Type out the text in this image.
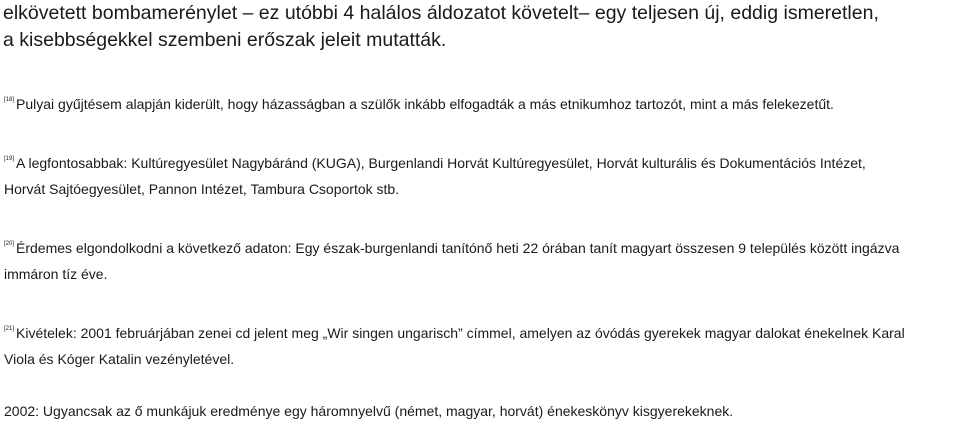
elkövetett bombamerénylet – ez utóbbi 4 halálos áldozatot követelt– egy teljesen új, eddig ismeretlen,
a kisebbségekkel szembeni erőszak jeleit mutatták.

[18] Pulyai gyűjtésem alapján kiderült, hogy házasságban a szülők inkább elfogadták a más etnikumhoz tartozót, mint a más felekezetűt.

[19] A legfontosabbak: Kultúregyesület Nagybáránd (KUGA), Burgenlandi Horvát Kultúregyesület, Horvát kulturális és Dokumentációs Intézet,
Horvát Sajtóegyesület, Pannon Intézet, Tambura Csoportok stb.

[20] Érdemes elgondolkodni a következő adaton: Egy észak-burgenlandi tanítónő heti 22 órában tanít magyart összesen 9 település között ingázva
immáron tíz éve.

[21] Kivételek: 2001 februárjában zenei cd jelent meg „Wir singen ungarisch” címmel, amelyen az óvódás gyerekek magyar dalokat énekelnek Karal
Viola és Kóger Katalin vezényletével.

2002: Ugyancsak az ő munkájuk eredménye egy háromnyelvű (német, magyar, horvát) énekeskönyv kisgyerekeknek.
